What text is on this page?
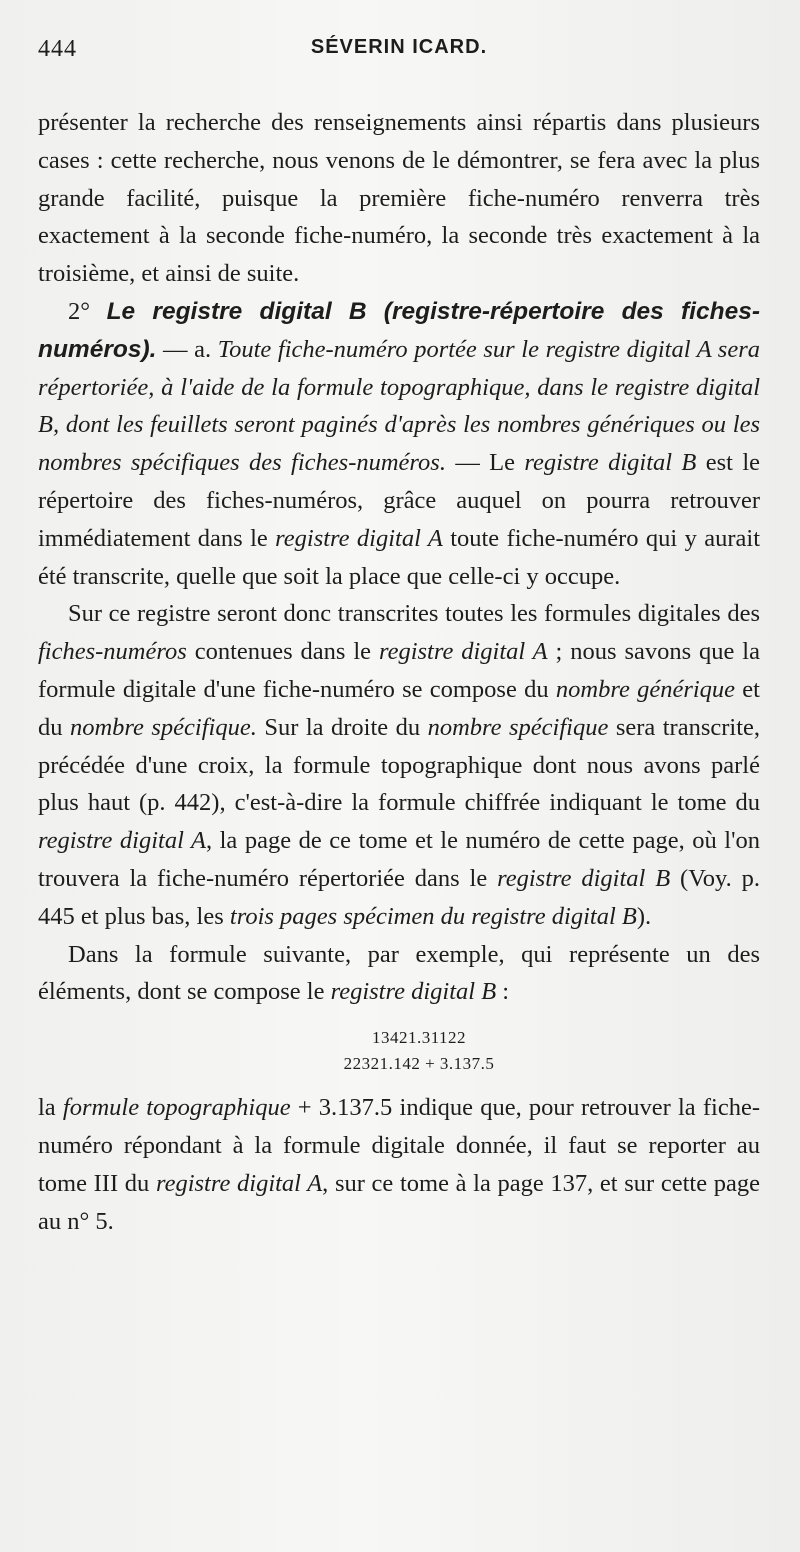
444	SÉVERIN ICARD.

présenter la recherche des renseignements ainsi répartis dans plusieurs cases : cette recherche, nous venons de le démontrer, se fera avec la plus grande facilité, puisque la première fiche-numéro renverra très exactement à la seconde fiche-numéro, la seconde très exactement à la troisième, et ainsi de suite.

2° Le registre digital B (registre-répertoire des fiches-numéros). — a. Toute fiche-numéro portée sur le registre digital A sera répertoriée, à l'aide de la formule topographique, dans le registre digital B, dont les feuillets seront paginés d'après les nombres génériques ou les nombres spécifiques des fiches-numéros. — Le registre digital B est le répertoire des fiches-numéros, grâce auquel on pourra retrouver immédiatement dans le registre digital A toute fiche-numéro qui y aurait été transcrite, quelle que soit la place que celle-ci y occupe.

Sur ce registre seront donc transcrites toutes les formules digitales des fiches-numéros contenues dans le registre digital A ; nous savons que la formule digitale d'une fiche-numéro se compose du nombre générique et du nombre spécifique. Sur la droite du nombre spécifique sera transcrite, précédée d'une croix, la formule topographique dont nous avons parlé plus haut (p. 442), c'est-à-dire la formule chiffrée indiquant le tome du registre digital A, la page de ce tome et le numéro de cette page, où l'on trouvera la fiche-numéro répertoriée dans le registre digital B (Voy. p. 445 et plus bas, les trois pages spécimen du registre digital B).

Dans la formule suivante, par exemple, qui représente un des éléments, dont se compose le registre digital B :

13421.31122
22321.142 + 3.137.5

la formule topographique + 3.137.5 indique que, pour retrouver la fiche-numéro répondant à la formule digitale donnée, il faut se reporter au tome III du registre digital A, sur ce tome à la page 137, et sur cette page au n° 5.
